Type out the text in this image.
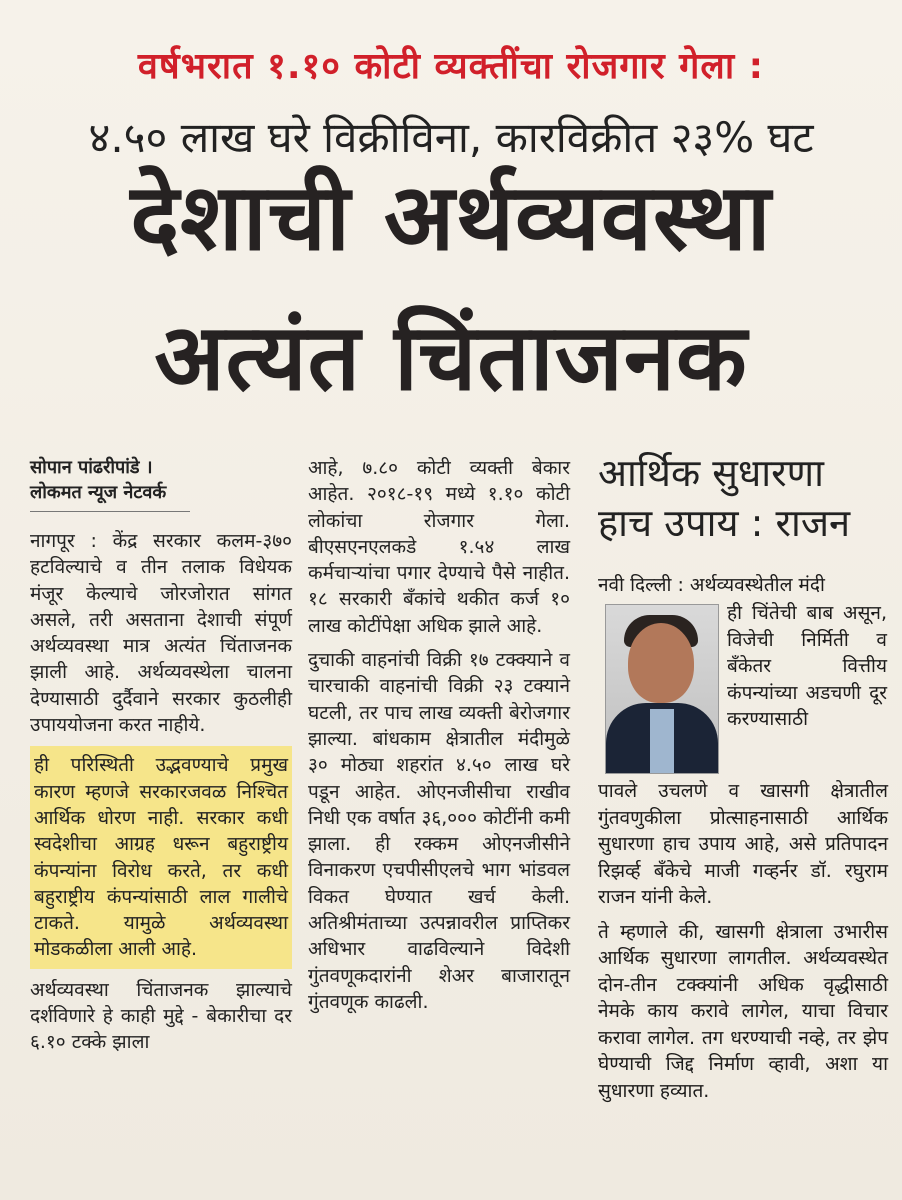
वर्षभरात १.१० कोटी व्यक्तींचा रोजगार गेला :
४.५० लाख घरे विक्रीविना, कारविक्रीत २३% घट
देशाची अर्थव्यवस्था
अत्यंत चिंताजनक
सोपान पांढरीपांडे ।
लोकमत न्यूज नेटवर्क

नागपूर : केंद्र सरकार कलम-३७० हटविल्याचे व तीन तलाक विधेयक मंजूर केल्याचे जोरजोरात सांगत असले, तरी असताना देशाची संपूर्ण अर्थव्यवस्था मात्र अत्यंत चिंताजनक झाली आहे. अर्थव्यवस्थेला चालना देण्यासाठी दुर्दैवाने सरकार कुठलीही उपाययोजना करत नाहीये.

ही परिस्थिती उद्भवण्याचे प्रमुख कारण म्हणजे सरकारजवळ निश्चित आर्थिक धोरण नाही. सरकार कधी स्वदेशीचा आग्रह धरून बहुराष्ट्रीय कंपन्यांना विरोध करते, तर कधी बहुराष्ट्रीय कंपन्यांसाठी लाल गालीचे टाकते. यामुळे अर्थव्यवस्था मोडकळीला आली आहे.

अर्थव्यवस्था चिंताजनक झाल्याचे दर्शविणारे हे काही मुद्दे - बेकारीचा दर ६.१० टक्के झाला

आहे, ७.८० कोटी व्यक्ती बेकार आहेत. २०१८-१९ मध्ये १.१० कोटी लोकांचा रोजगार गेला. बीएसएनएलकडे १.५४ लाख कर्मचाऱ्यांचा पगार देण्याचे पैसे नाहीत. १८ सरकारी बँकांचे थकीत कर्ज १० लाख कोटींपेक्षा अधिक झाले आहे.

दुचाकी वाहनांची विक्री १७ टक्क्याने व चारचाकी वाहनांची विक्री २३ टक्याने घटली, तर पाच लाख व्यक्ती बेरोजगार झाल्या. बांधकाम क्षेत्रातील मंदीमुळे ३० मोठ्या शहरांत ४.५० लाख घरे पडून आहेत. ओएनजीसीचा राखीव निधी एक वर्षात ३६,००० कोटींनी कमी झाला. ही रक्कम ओएनजीसीने विनाकरण एचपीसीएलचे भाग भांडवल विकत घेण्यात खर्च केली. अतिश्रीमंताच्या उत्पन्नावरील प्राप्तिकर अधिभार वाढविल्याने विदेशी गुंतवणूकदारांनी शेअर बाजारातून गुंतवणूक काढली.

आर्थिक सुधारणा
हाच उपाय : राजन
नवी दिल्ली : अर्थव्यवस्थेतील मंदी
ही चिंतेची बाब असून, विजेची निर्मिती व बँकेतर वित्तीय कंपन्यांच्या अडचणी दूर करण्यासाठी

पावले उचलणे व खासगी क्षेत्रातील गुंतवणुकीला प्रोत्साहनासाठी आर्थिक सुधारणा हाच उपाय आहे, असे प्रतिपादन रिझर्व्ह बँकेचे माजी गव्हर्नर डॉ. रघुराम राजन यांनी केले.

ते म्हणाले की, खासगी क्षेत्राला उभारीस आर्थिक सुधारणा लागतील. अर्थव्यवस्थेत दोन-तीन टक्क्यांनी अधिक वृद्धीसाठी नेमके काय करावे लागेल, याचा विचार करावा लागेल. तग धरण्याची नव्हे, तर झेप घेण्याची जिद्द निर्माण व्हावी, अशा या सुधारणा हव्यात.
